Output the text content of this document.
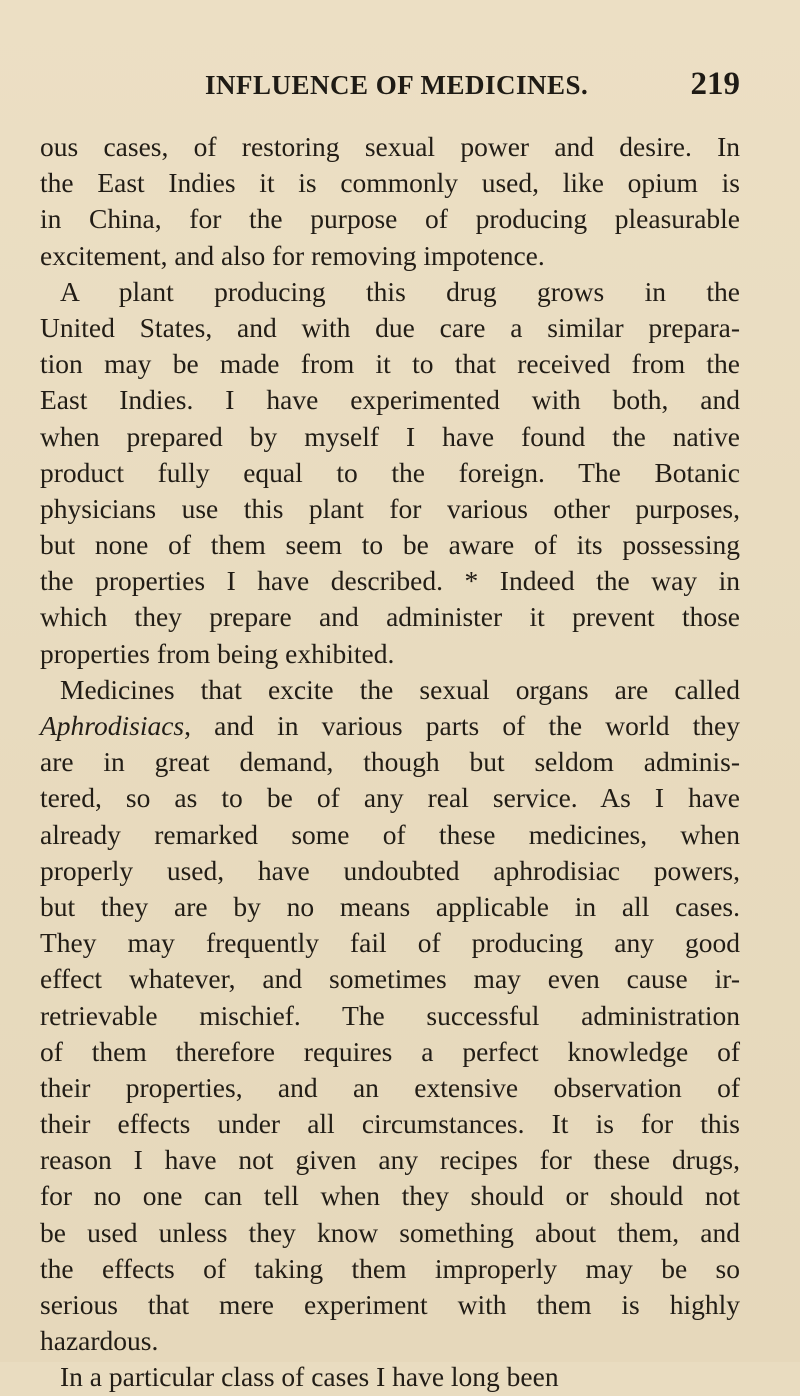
INFLUENCE OF MEDICINES.	219
ous cases, of restoring sexual power and desire. In
the East Indies it is commonly used, like opium is
in China, for the purpose of producing pleasurable
excitement, and also for removing impotence.
A plant producing this drug grows in the
United States, and with due care a similar prepara-
tion may be made from it to that received from the
East Indies. I have experimented with both, and
when prepared by myself I have found the native
product fully equal to the foreign. The Botanic
physicians use this plant for various other purposes,
but none of them seem to be aware of its possessing
the properties I have described. * Indeed the way in
which they prepare and administer it prevent those
properties from being exhibited.
Medicines that excite the sexual organs are called
Aphrodisiacs, and in various parts of the world they
are in great demand, though but seldom adminis-
tered, so as to be of any real service. As I have
already remarked some of these medicines, when
properly used, have undoubted aphrodisiac powers,
but they are by no means applicable in all cases.
They may frequently fail of producing any good
effect whatever, and sometimes may even cause ir-
retrievable mischief. The successful administration
of them therefore requires a perfect knowledge of
their properties, and an extensive observation of
their effects under all circumstances. It is for this
reason I have not given any recipes for these drugs,
for no one can tell when they should or should not
be used unless they know something about them, and
the effects of taking them improperly may be so
serious that mere experiment with them is highly
hazardous.
In a particular class of cases I have long been
